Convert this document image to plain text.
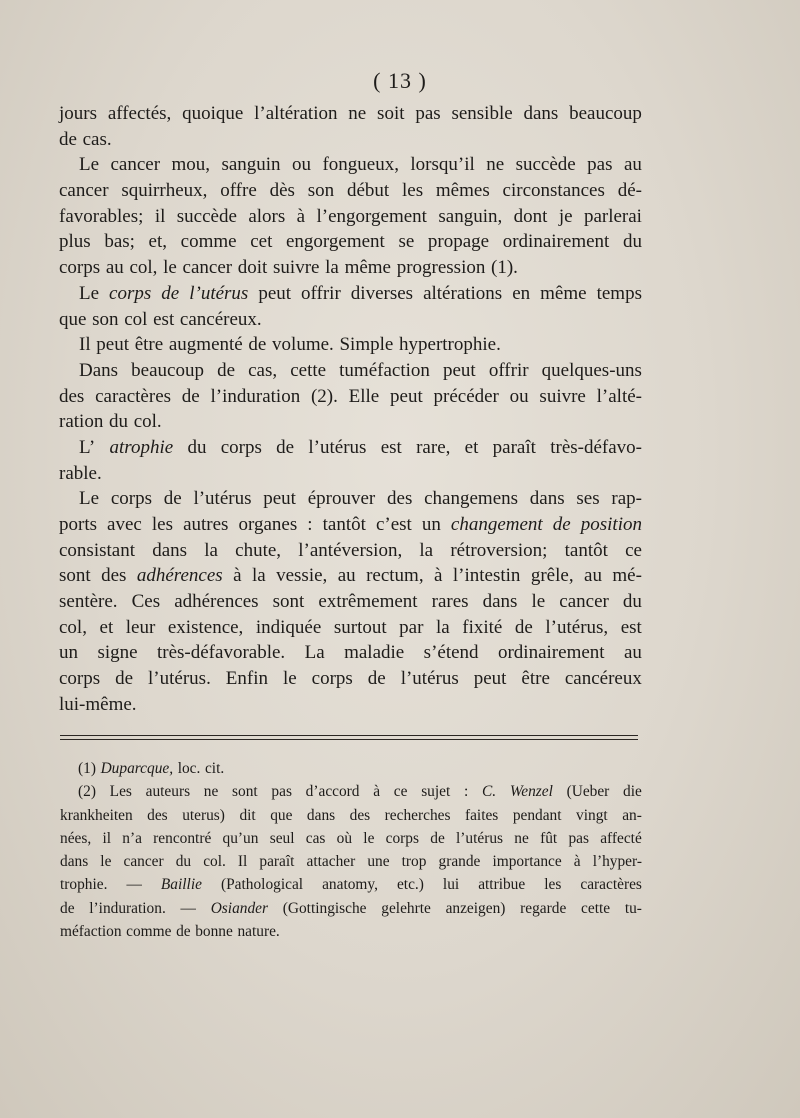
( 13 )
jours affectés, quoique l’altération ne soit pas sensible dans beaucoup
de cas.
Le cancer mou, sanguin ou fongueux, lorsqu’il ne succède pas au
cancer squirrheux, offre dès son début les mêmes circonstances dé-
favorables; il succède alors à l’engorgement sanguin, dont je parlerai
plus bas; et, comme cet engorgement se propage ordinairement du
corps au col, le cancer doit suivre la même progression (1).
Le corps de l’utérus peut offrir diverses altérations en même temps
que son col est cancéreux.
Il peut être augmenté de volume. Simple hypertrophie.
Dans beaucoup de cas, cette tuméfaction peut offrir quelques-uns
des caractères de l’induration (2). Elle peut précéder ou suivre l’alté-
ration du col.
L’ atrophie du corps de l’utérus est rare, et paraît très-défavo-
rable.
Le corps de l’utérus peut éprouver des changemens dans ses rap-
ports avec les autres organes : tantôt c’est un changement de position
consistant dans la chute, l’antéversion, la rétroversion; tantôt ce
sont des adhérences à la vessie, au rectum, à l’intestin grêle, au mé-
sentère. Ces adhérences sont extrêmement rares dans le cancer du
col, et leur existence, indiquée surtout par la fixité de l’utérus, est
un signe très-défavorable. La maladie s’étend ordinairement au
corps de l’utérus. Enfin le corps de l’utérus peut être cancéreux
lui-même.
(1) Duparcque, loc. cit.
(2) Les auteurs ne sont pas d’accord à ce sujet : C. Wenzel (Ueber die
krankheiten des uterus) dit que dans des recherches faites pendant vingt an-
nées, il n’a rencontré qu’un seul cas où le corps de l’utérus ne fût pas affecté
dans le cancer du col. Il paraît attacher une trop grande importance à l’hyper-
trophie. — Baillie (Pathological anatomy, etc.) lui attribue les caractères
de l’induration. — Osiander (Gottingische gelehrte anzeigen) regarde cette tu-
méfaction comme de bonne nature.
